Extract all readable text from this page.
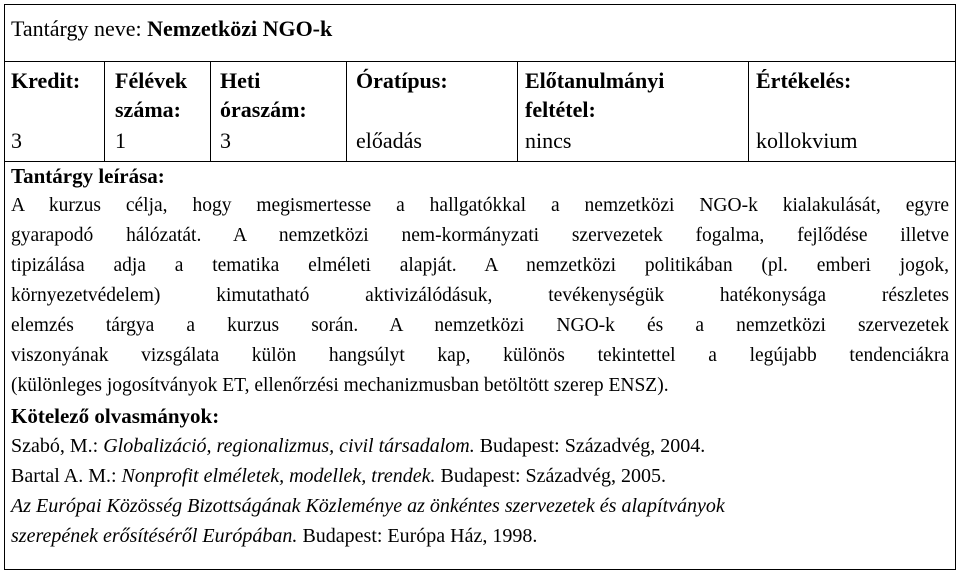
Tantárgy neve: Nemzetközi NGO-k
Kredit:
3
Félévek száma:
1
Heti óraszám:
3
Óratípus:
előadás
Előtanulmányi feltétel:
nincs
Értékelés:
kollokvium
Tantárgy leírása:
A kurzus célja, hogy megismertesse a hallgatókkal a nemzetközi NGO-k kialakulását, egyre
gyarapodó hálózatát. A nemzetközi nem-kormányzati szervezetek fogalma, fejlődése illetve
tipizálása adja a tematika elméleti alapját. A nemzetközi politikában (pl. emberi jogok,
környezetvédelem) kimutatható aktivizálódásuk, tevékenységük hatékonysága részletes
elemzés tárgya a kurzus során. A nemzetközi NGO-k és a nemzetközi szervezetek
viszonyának vizsgálata külön hangsúlyt kap, különös tekintettel a legújabb tendenciákra
(különleges jogosítványok ET, ellenőrzési mechanizmusban betöltött szerep ENSZ).
Kötelező olvasmányok:
Szabó, M.: Globalizáció, regionalizmus, civil társadalom. Budapest: Századvég, 2004.
Bartal A. M.: Nonprofit elméletek, modellek, trendek. Budapest: Századvég, 2005.
Az Európai Közösség Bizottságának Közleménye az önkéntes szervezetek és alapítványok
szerepének erősítéséről Európában. Budapest: Európa Ház, 1998.
